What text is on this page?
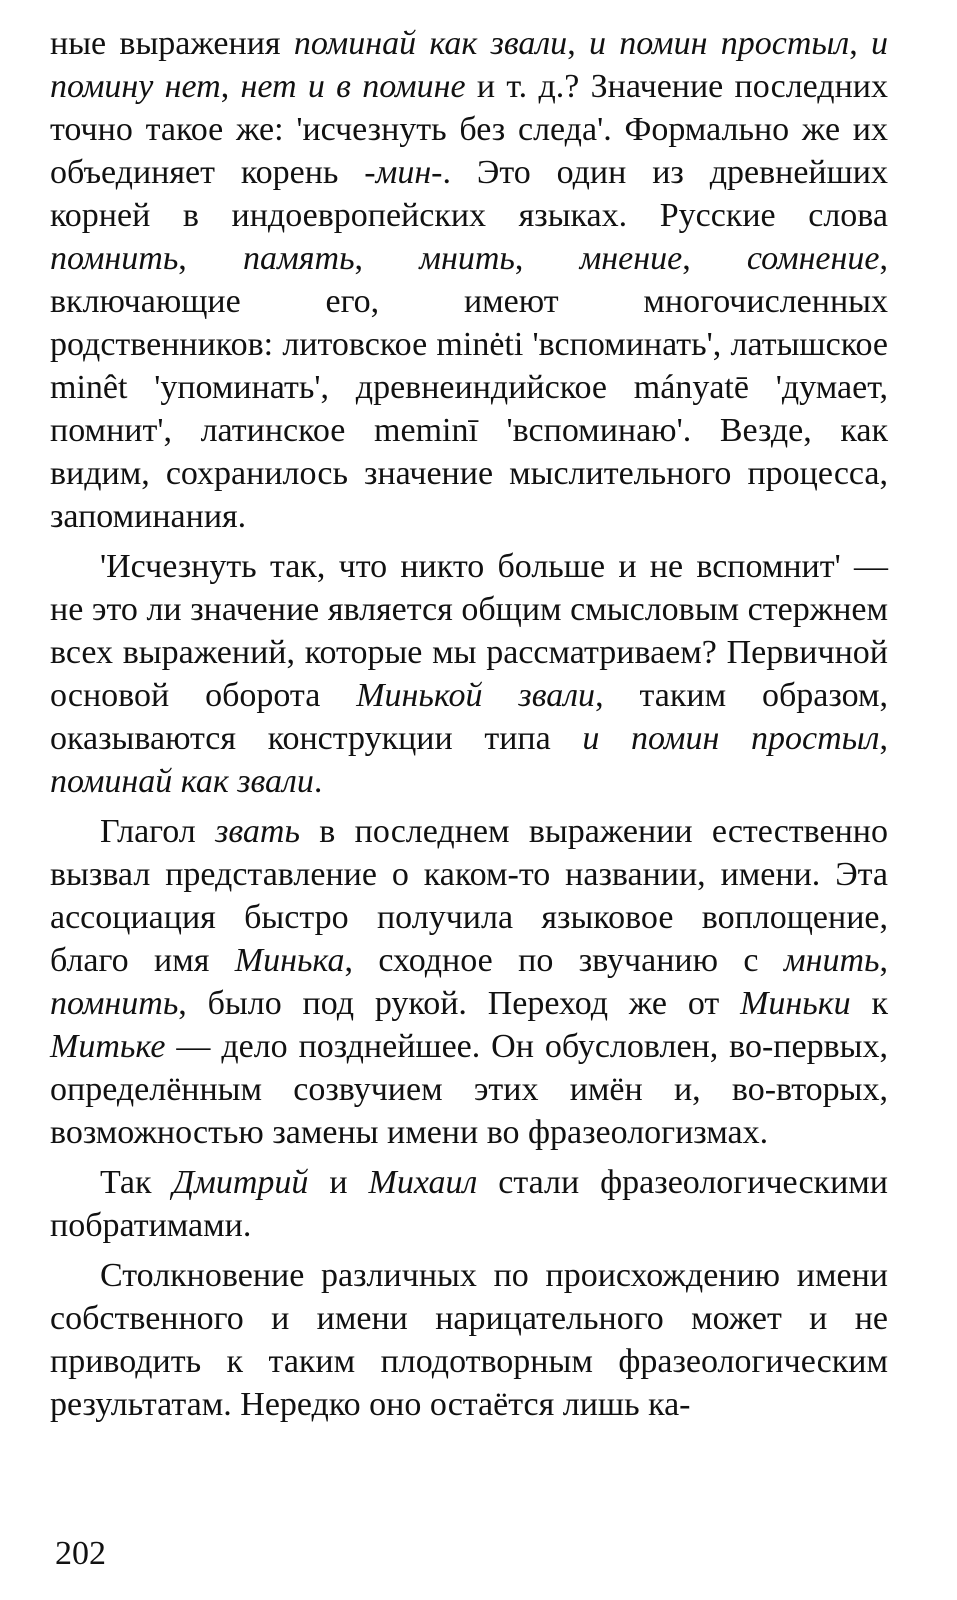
ные выражения поминай как звали, и помин простыл, и помину нет, нет и в помине и т. д.? Значение последних точно такое же: 'исчезнуть без следа'. Формально же их объединяет корень -мин-. Это один из древнейших корней в индоевропейских языках. Русские слова помнить, память, мнить, мнение, сомнение, включающие его, имеют многочисленных родственников: литовское minėti 'вспоминать', латышское minêt 'упоминать', древнеиндийское mányatē 'думает, помнит', латинское meminī 'вспоминаю'. Везде, как видим, сохранилось значение мыслительного процесса, запоминания.

'Исчезнуть так, что никто больше и не вспомнит' — не это ли значение является общим смысловым стержнем всех выражений, которые мы рассматриваем? Первичной основой оборота Минькой звали, таким образом, оказываются конструкции типа и помин простыл, поминай как звали.

Глагол звать в последнем выражении естественно вызвал представление о каком-то названии, имени. Эта ассоциация быстро получила языковое воплощение, благо имя Минька, сходное по звучанию с мнить, помнить, было под рукой. Переход же от Миньки к Митьке — дело позднейшее. Он обусловлен, во-первых, определённым созвучием этих имён и, во-вторых, возможностью замены имени во фразеологизмах.

Так Дмитрий и Михаил стали фразеологическими побратимами.

Столкновение различных по происхождению имени собственного и имени нарицательного может и не приводить к таким плодотворным фразеологическим результатам. Нередко оно остаётся лишь ка-

202
